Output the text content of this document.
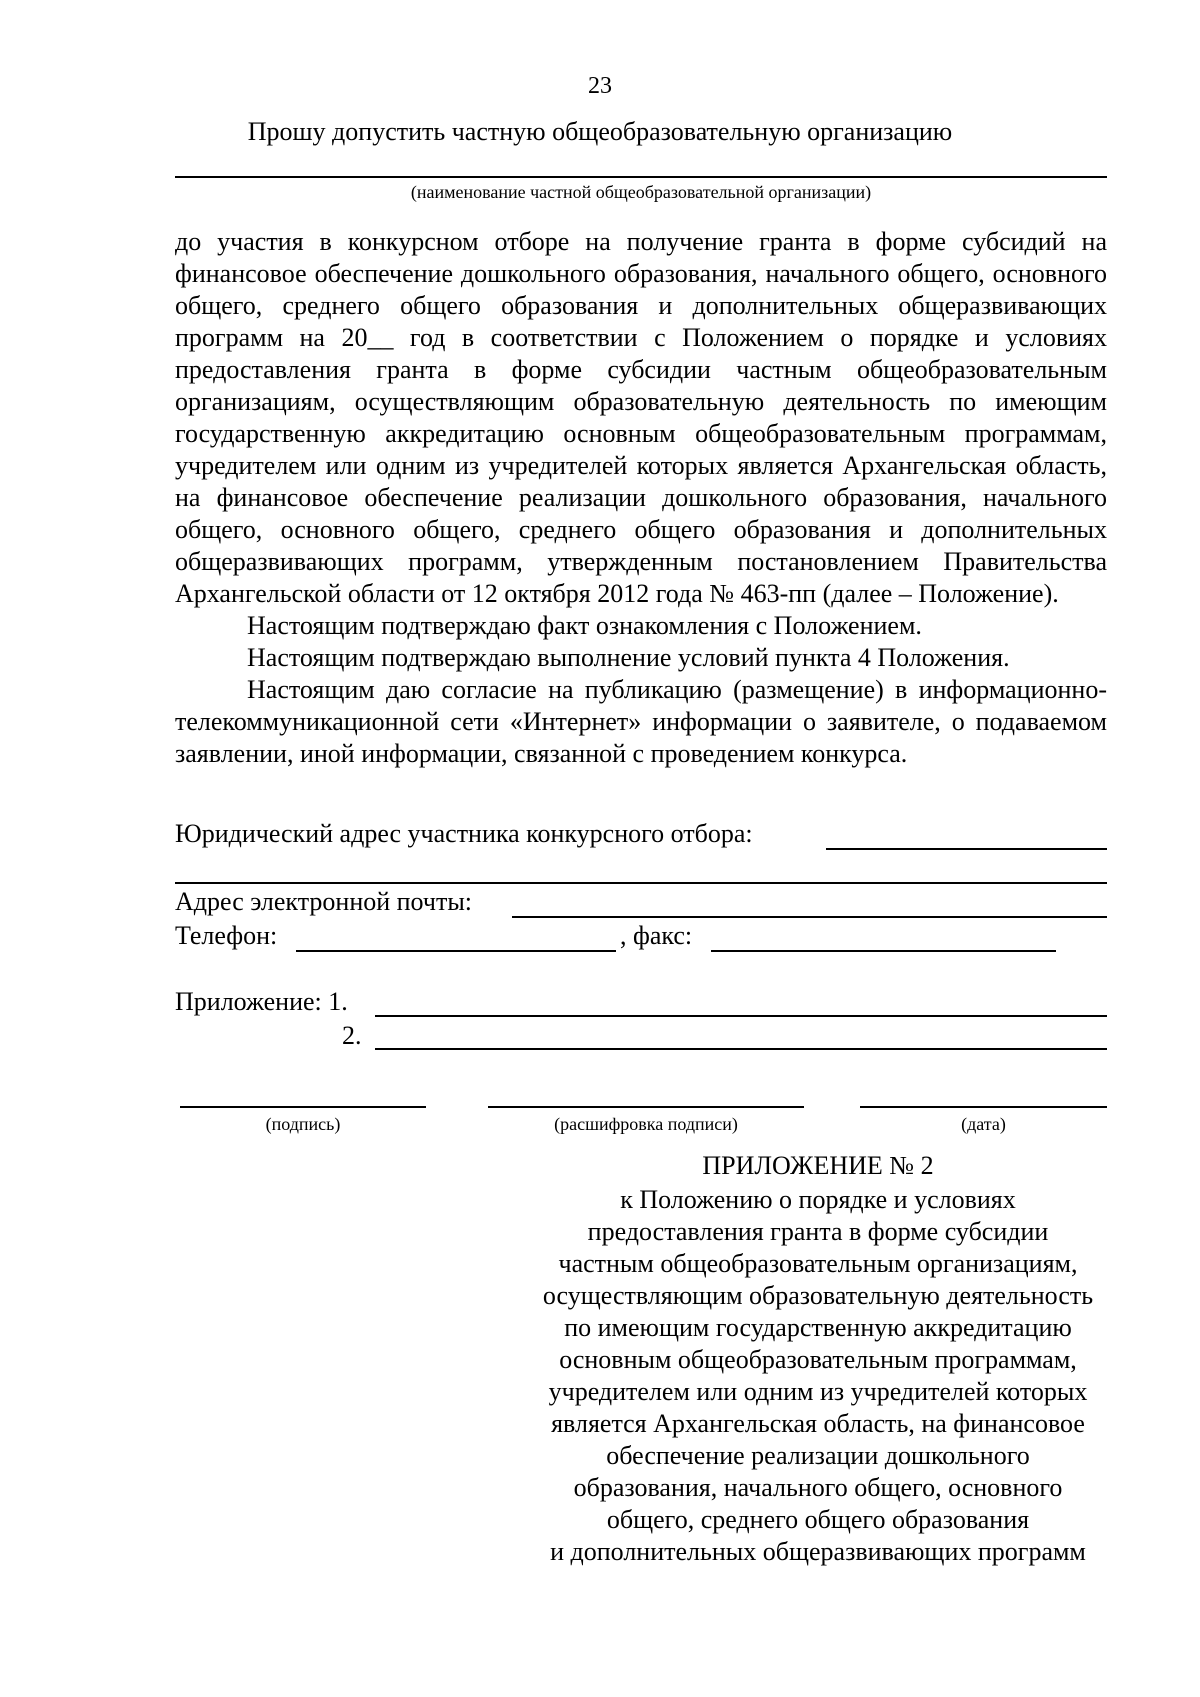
23
Прошу допустить частную общеобразовательную организацию
(наименование частной общеобразовательной организации)

до участия в конкурсном отборе на получение гранта в форме субсидий на финансовое обеспечение дошкольного образования, начального общего, основного общего, среднего общего образования и дополнительных общеразвивающих программ на 20__ год в соответствии с Положением о порядке и условиях предоставления гранта в форме субсидии частным общеобразовательным организациям, осуществляющим образовательную деятельность по имеющим государственную аккредитацию основным общеобразовательным программам, учредителем или одним из учредителей которых является Архангельская область, на финансовое обеспечение реализации дошкольного образования, начального общего, основного общего, среднего общего образования и дополнительных общеразвивающих программ, утвержденным постановлением Правительства Архангельской области от 12 октября 2012 года № 463-пп (далее – Положение).

Настоящим подтверждаю факт ознакомления с Положением.

Настоящим подтверждаю выполнение условий пункта 4 Положения.

Настоящим даю согласие на публикацию (размещение) в информационно-телекоммуникационной сети «Интернет» информации о заявителе, о подаваемом заявлении, иной информации, связанной с проведением конкурса.

Юридический адрес участника конкурсного отбора:
Адрес электронной почты:
Телефон:	, факс:
Приложение: 1.
2.
(подпись)	(расшифровка подписи)	(дата)
ПРИЛОЖЕНИЕ № 2
к Положению о порядке и условиях
предоставления гранта в форме субсидии
частным общеобразовательным организациям,
осуществляющим образовательную деятельность
по имеющим государственную аккредитацию
основным общеобразовательным программам,
учредителем или одним из учредителей которых
является Архангельская область, на финансовое
обеспечение реализации дошкольного
образования, начального общего, основного
общего, среднего общего образования
и дополнительных общеразвивающих программ
